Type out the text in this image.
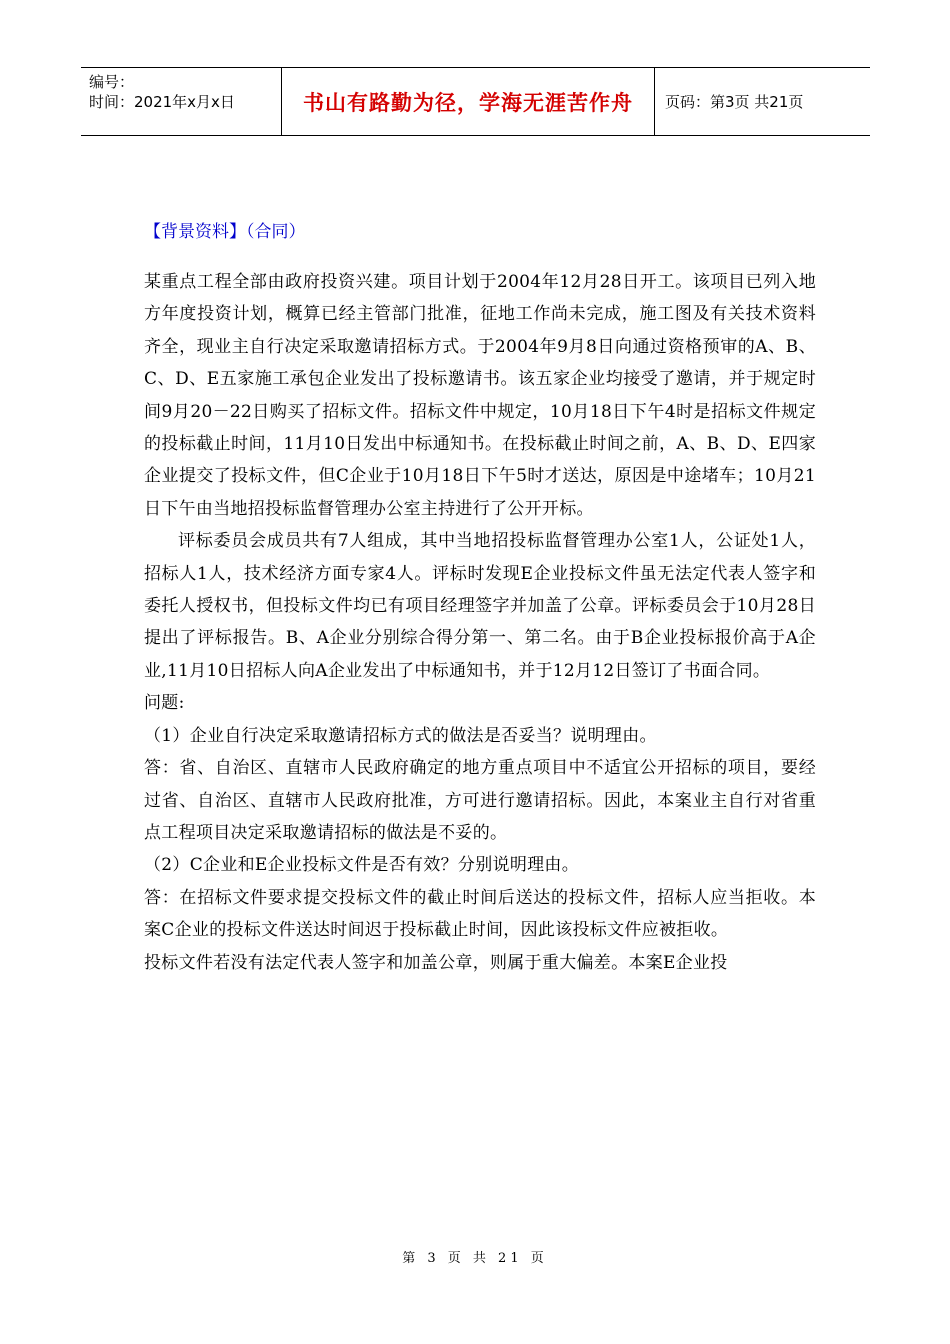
编号：
时间：2021年x月x日	书山有路勤为径，学海无涯苦作舟 页码：第3页 共21页
【背景资料】（合同）

某重点工程全部由政府投资兴建。项目计划于2004年12月28日开工。该项目已列入地方年度投资计划，概算已经主管部门批准，征地工作尚未完成，施工图及有关技术资料齐全，现业主自行决定采取邀请招标方式。于2004年9月8日向通过资格预审的A、B、C、D、E五家施工承包企业发出了投标邀请书。该五家企业均接受了邀请，并于规定时间9月20－22日购买了招标文件。招标文件中规定，10月18日下午4时是招标文件规定的投标截止时间，11月10日发出中标通知书。在投标截止时间之前，A、B、D、E四家企业提交了投标文件，但C企业于10月18日下午5时才送达，原因是中途堵车；10月21日下午由当地招投标监督管理办公室主持进行了公开开标。

评标委员会成员共有7人组成，其中当地招投标监督管理办公室1人，公证处1人，招标人1人，技术经济方面专家4人。评标时发现E企业投标文件虽无法定代表人签字和委托人授权书，但投标文件均已有项目经理签字并加盖了公章。评标委员会于10月28日提出了评标报告。B、A企业分别综合得分第一、第二名。由于B企业投标报价高于A企业,11月10日招标人向A企业发出了中标通知书，并于12月12日签订了书面合同。

问题:

（1）企业自行决定采取邀请招标方式的做法是否妥当？说明理由。

答：省、自治区、直辖市人民政府确定的地方重点项目中不适宜公开招标的项目，要经过省、自治区、直辖市人民政府批准，方可进行邀请招标。因此，本案业主自行对省重点工程项目决定采取邀请招标的做法是不妥的。

（2）C企业和E企业投标文件是否有效？分别说明理由。

答：在招标文件要求提交投标文件的截止时间后送达的投标文件，招标人应当拒收。本案C企业的投标文件送达时间迟于投标截止时间，因此该投标文件应被拒收。

投标文件若没有法定代表人签字和加盖公章，则属于重大偏差。本案E企业投

第 3 页 共 21 页
